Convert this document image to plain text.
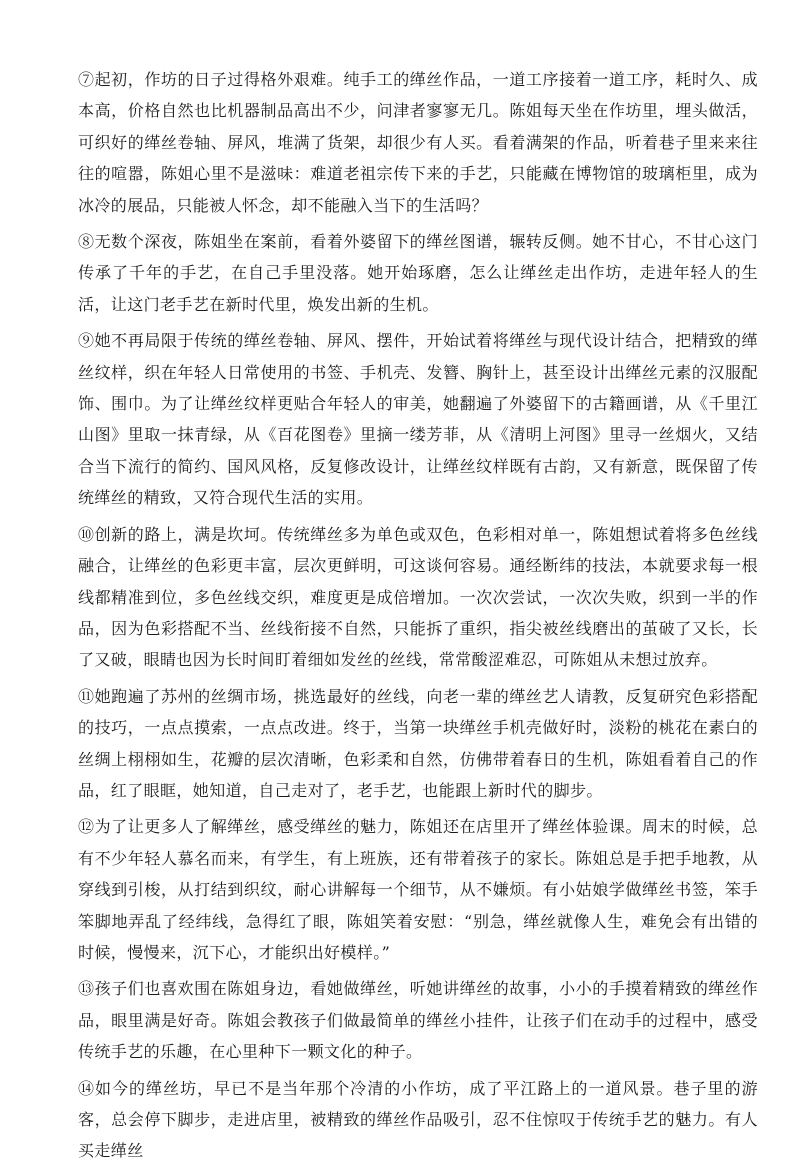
⑦起初，作坊的日子过得格外艰难。纯手工的缂丝作品，一道工序接着一道工序，耗时久、成本高，价格自然也比机器制品高出不少，问津者寥寥无几。陈姐每天坐在作坊里，埋头做活，可织好的缂丝卷轴、屏风，堆满了货架，却很少有人买。看着满架的作品，听着巷子里来来往往的喧嚣，陈姐心里不是滋味：难道老祖宗传下来的手艺，只能藏在博物馆的玻璃柜里，成为冰冷的展品，只能被人怀念，却不能融入当下的生活吗？

⑧无数个深夜，陈姐坐在案前，看着外婆留下的缂丝图谱，辗转反侧。她不甘心，不甘心这门传承了千年的手艺，在自己手里没落。她开始琢磨，怎么让缂丝走出作坊，走进年轻人的生活，让这门老手艺在新时代里，焕发出新的生机。

⑨她不再局限于传统的缂丝卷轴、屏风、摆件，开始试着将缂丝与现代设计结合，把精致的缂丝纹样，织在年轻人日常使用的书签、手机壳、发簪、胸针上，甚至设计出缂丝元素的汉服配饰、围巾。为了让缂丝纹样更贴合年轻人的审美，她翻遍了外婆留下的古籍画谱，从《千里江山图》里取一抹青绿，从《百花图卷》里摘一缕芳菲，从《清明上河图》里寻一丝烟火，又结合当下流行的简约、国风风格，反复修改设计，让缂丝纹样既有古韵，又有新意，既保留了传统缂丝的精致，又符合现代生活的实用。

⑩创新的路上，满是坎坷。传统缂丝多为单色或双色，色彩相对单一，陈姐想试着将多色丝线融合，让缂丝的色彩更丰富，层次更鲜明，可这谈何容易。通经断纬的技法，本就要求每一根线都精准到位，多色丝线交织，难度更是成倍增加。一次次尝试，一次次失败，织到一半的作品，因为色彩搭配不当、丝线衔接不自然，只能拆了重织，指尖被丝线磨出的茧破了又长，长了又破，眼睛也因为长时间盯着细如发丝的丝线，常常酸涩难忍，可陈姐从未想过放弃。

⑪她跑遍了苏州的丝绸市场，挑选最好的丝线，向老一辈的缂丝艺人请教，反复研究色彩搭配的技巧，一点点摸索，一点点改进。终于，当第一块缂丝手机壳做好时，淡粉的桃花在素白的丝绸上栩栩如生，花瓣的层次清晰，色彩柔和自然，仿佛带着春日的生机，陈姐看着自己的作品，红了眼眶，她知道，自己走对了，老手艺，也能跟上新时代的脚步。

⑫为了让更多人了解缂丝，感受缂丝的魅力，陈姐还在店里开了缂丝体验课。周末的时候，总有不少年轻人慕名而来，有学生，有上班族，还有带着孩子的家长。陈姐总是手把手地教，从穿线到引梭，从打结到织纹，耐心讲解每一个细节，从不嫌烦。有小姑娘学做缂丝书签，笨手笨脚地弄乱了经纬线，急得红了眼，陈姐笑着安慰：“别急，缂丝就像人生，难免会有出错的时候，慢慢来，沉下心，才能织出好模样。”

⑬孩子们也喜欢围在陈姐身边，看她做缂丝，听她讲缂丝的故事，小小的手摸着精致的缂丝作品，眼里满是好奇。陈姐会教孩子们做最简单的缂丝小挂件，让孩子们在动手的过程中，感受传统手艺的乐趣，在心里种下一颗文化的种子。

⑭如今的缂丝坊，早已不是当年那个冷清的小作坊，成了平江路上的一道风景。巷子里的游客，总会停下脚步，走进店里，被精致的缂丝作品吸引，忍不住惊叹于传统手艺的魅力。有人买走缂丝
